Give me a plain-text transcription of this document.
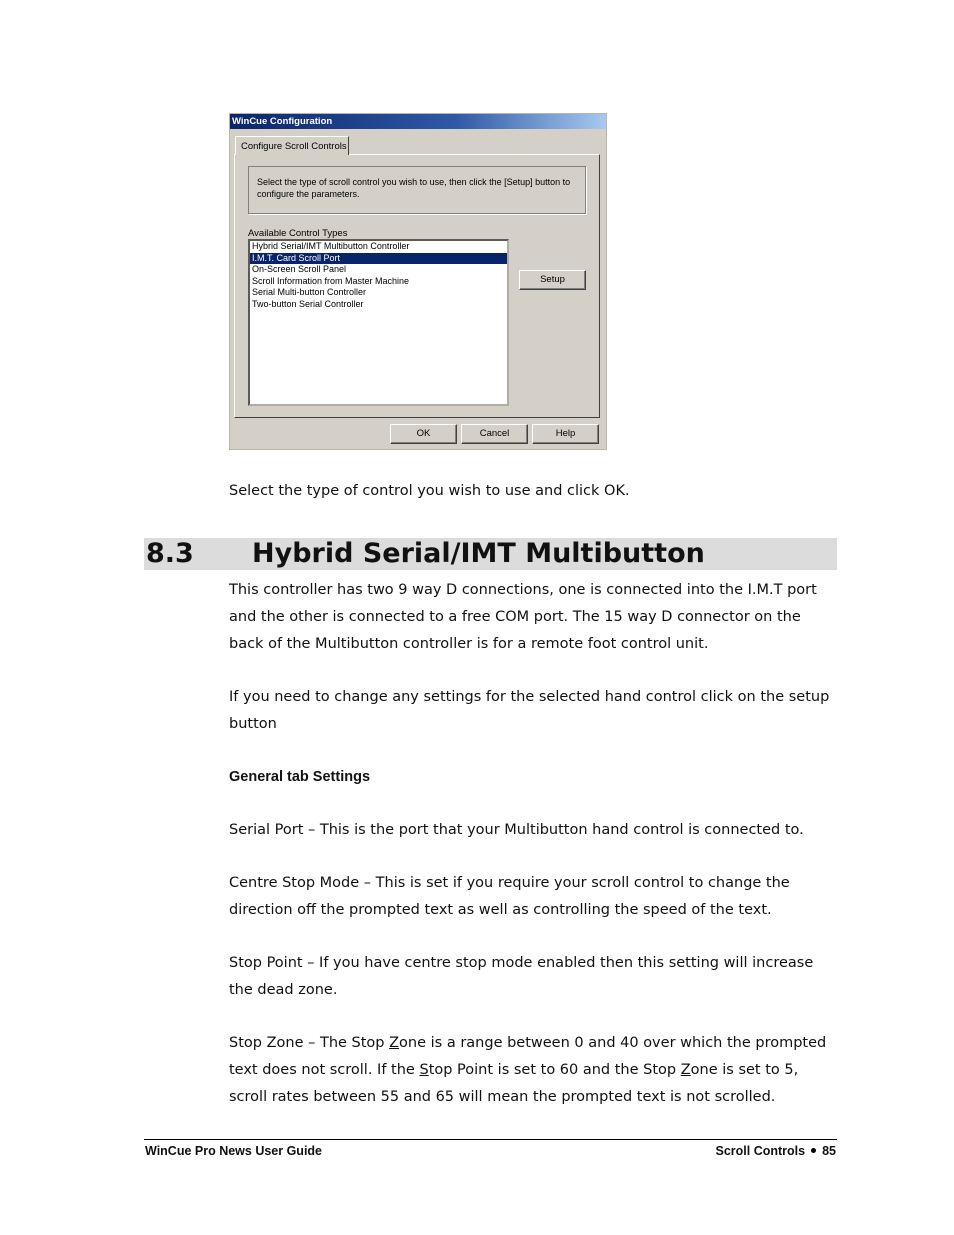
WinCue Configuration
Configure Scroll Controls
Select the type of scroll control you wish to use, then click the [Setup] button to configure the parameters.
Available Control Types
Hybrid Serial/IMT Multibutton Controller
I.M.T. Card Scroll Port
On-Screen Scroll Panel
Scroll Information from Master Machine
Serial Multi-button Controller
Two-button Serial Controller
Setup
OK	Cancel	Help
Select the type of control you wish to use and click OK.
8.3 Hybrid Serial/IMT Multibutton
This controller has two 9 way D connections, one is connected into the I.M.T port and the other is connected to a free COM port. The 15 way D connector on the back of the Multibutton controller is for a remote foot control unit.
If you need to change any settings for the selected hand control click on the setup button
General tab Settings
Serial Port – This is the port that your Multibutton hand control is connected to.
Centre Stop Mode – This is set if you require your scroll control to change the direction off the prompted text as well as controlling the speed of the text.
Stop Point – If you have centre stop mode enabled then this setting will increase the dead zone.
Stop Zone – The Stop Zone is a range between 0 and 40 over which the prompted text does not scroll. If the Stop Point is set to 60 and the Stop Zone is set to 5, scroll rates between 55 and 65 will mean the prompted text is not scrolled.
WinCue Pro News User Guide	Scroll Controls 85
